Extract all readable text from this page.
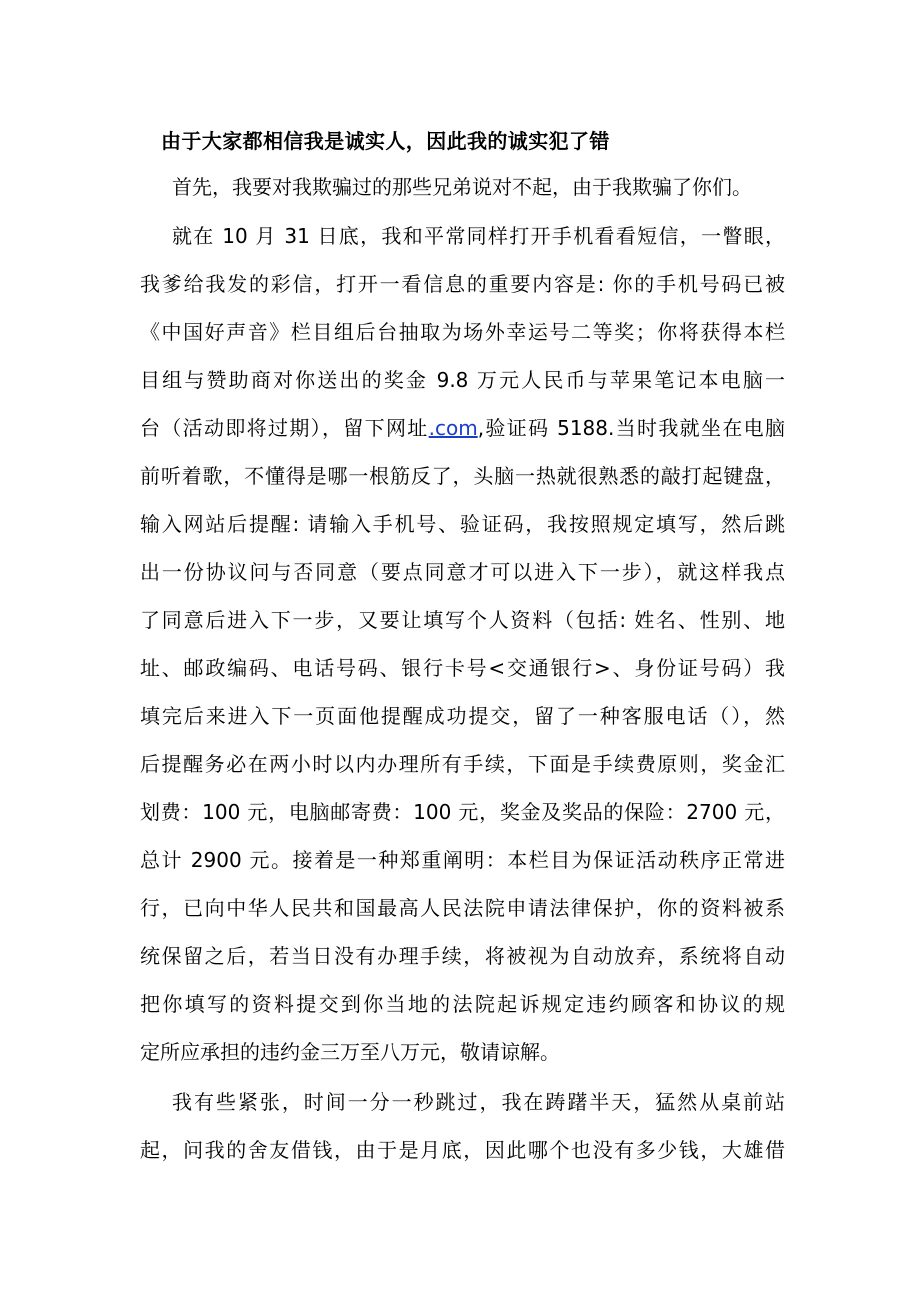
由于大家都相信我是诚实人，因此我的诚实犯了错
首先，我要对我欺骗过的那些兄弟说对不起，由于我欺骗了你们。
就在 10 月 31 日底，我和平常同样打开手机看看短信，一瞥眼，
我爹给我发的彩信，打开一看信息的重要内容是: 你的手机号码已被
《中国好声音》栏目组后台抽取为场外幸运号二等奖；你将获得本栏
目组与赞助商对你送出的奖金 9.8 万元人民币与苹果笔记本电脑一
台（活动即将过期），留下网址.com,验证码 5188.当时我就坐在电脑
前听着歌，不懂得是哪一根筋反了，头脑一热就很熟悉的敲打起键盘，
输入网站后提醒: 请输入手机号、验证码，我按照规定填写，然后跳
出一份协议问与否同意（要点同意才可以进入下一步），就这样我点
了同意后进入下一步，又要让填写个人资料（包括: 姓名、性别、地
址、邮政编码、电话号码、银行卡号<交通银行>、身份证号码）我
填完后来进入下一页面他提醒成功提交，留了一种客服电话（），然
后提醒务必在两小时以内办理所有手续，下面是手续费原则，奖金汇
划费：100 元，电脑邮寄费：100 元，奖金及奖品的保险：2700 元，
总计 2900 元。接着是一种郑重阐明：本栏目为保证活动秩序正常进
行，已向中华人民共和国最高人民法院申请法律保护，你的资料被系
统保留之后，若当日没有办理手续，将被视为自动放弃，系统将自动
把你填写的资料提交到你当地的法院起诉规定违约顾客和协议的规
定所应承担的违约金三万至八万元，敬请谅解。
我有些紧张，时间一分一秒跳过，我在踌躇半天，猛然从桌前站
起，问我的舍友借钱，由于是月底，因此哪个也没有多少钱，大雄借
